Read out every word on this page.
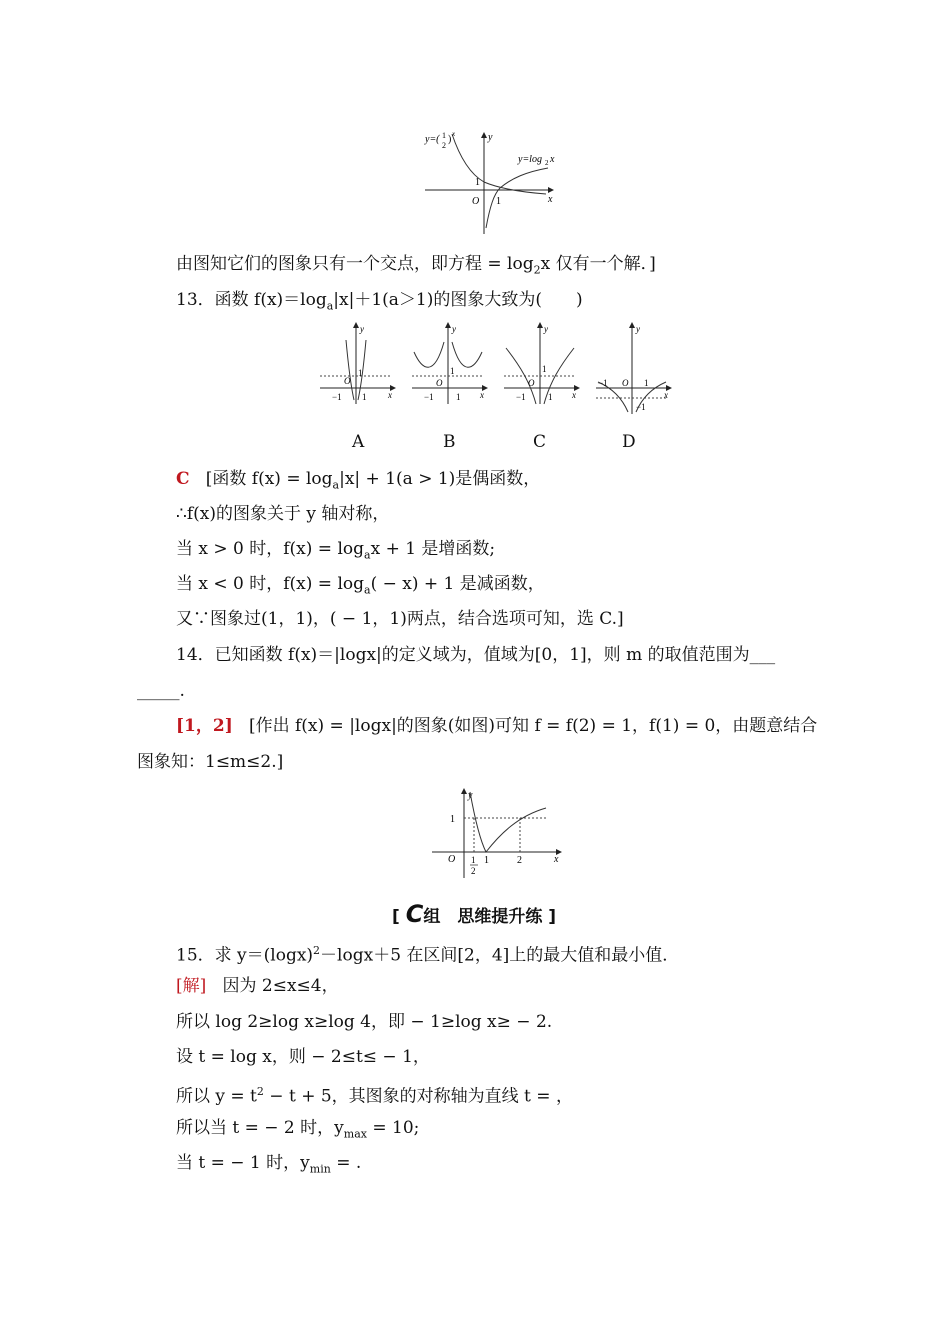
y=( 1
2
) x
y=log 2 x
x
y
O 1
1
由图知它们的图象只有一个交点，即方程 = $\log_2x$ 仅有一个解．]
13．函数 $f(x)=\log_a|x|+1(a>1)$的图象大致为(　　)
−1 1
O
1
x
y
−1 1
O
1
x
y
−1 1
O
1
x
y
−1	1
O
−1
x
y
A	B	C	D
C [函数 $f(x) = \log_a|x| + 1(a > 1)$是偶函数，
∴f(x)的图象关于 y 轴对称，
当 x > 0 时，$f(x) = \log_ax + 1$ 是增函数;
当 x < 0 时，$f(x) = \log_a( - x) + 1$ 是减函数，
又∵图象过(1，1)，( − 1，1)两点，结合选项可知，选 C.]
14．已知函数 f(x)＝|logx|的定义域为，值域为[0，1]，则 m 的取值范围为___
_____.
[1，2] [作出 f(x) = |logx|的图象(如图)可知 f = f(2) = 1，f(1) = 0，由题意结合
图象知：1≤m≤2.]
x
y
O
1
1
2
1	2
[ C组　思维提升练 ]
15．求 $y=(\log x)^2-\log x+5$ 在区间[2，4]上的最大值和最小值．
[解] 因为 2≤x≤4，
所以 log 2≥log x≥log 4，即 − 1≥log x≥ − 2.
设 t = log x，则 − 2≤t≤ − 1，
所以 $y = t^2 - t + 5$，其图象的对称轴为直线 t = ，
所以当 t = − 2 时，$y_{max} = 10$;
当 t = − 1 时，$y_{min}$ = .
